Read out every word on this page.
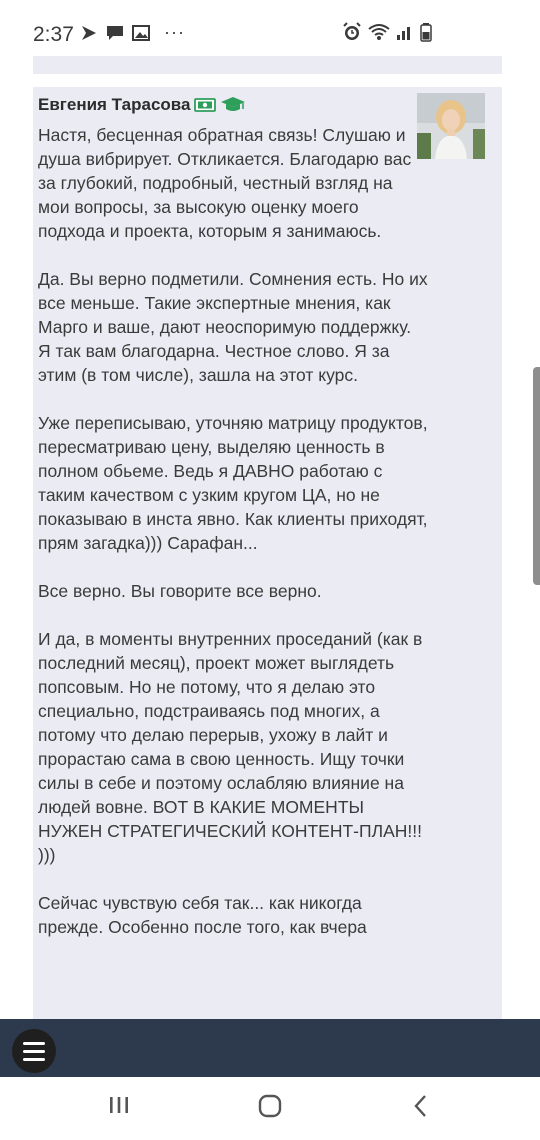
2:37	···
Евгения Тарасова

Настя, бесценная обратная связь! Слушаю и душа вибрирует. Откликается. Благодарю вас за глубокий, подробный, честный взгляд на мои вопросы, за высокую оценку моего подхода и проекта, которым я занимаюсь.

Да. Вы верно подметили. Сомнения есть. Но их все меньше. Такие экспертные мнения, как Марго и ваше, дают неоспоримую поддержку. Я так вам благодарна. Честное слово. Я за этим (в том числе), зашла на этот курс.

Уже переписываю, уточняю матрицу продуктов, пересматриваю цену, выделяю ценность в полном обьеме. Ведь я ДАВНО работаю с таким качеством с узким кругом ЦА, но не показываю в инста явно. Как клиенты приходят, прям загадка))) Сарафан...

Все верно. Вы говорите все верно.

И да, в моменты внутренних проседаний (как в последний месяц), проект может выглядеть попсовым. Но не потому, что я делаю это специально, подстраиваясь под многих, а потому что делаю перерыв, ухожу в лайт и прорастаю сама в свою ценность. Ищу точки силы в себе и поэтому ослабляю влияние на людей вовне. ВОТ В КАКИЕ МОМЕНТЫ НУЖЕН СТРАТЕГИЧЕСКИЙ КОНТЕНТ-ПЛАН!!! )))

Сейчас чувствую себя так... как никогда прежде. Особенно после того, как вчера
